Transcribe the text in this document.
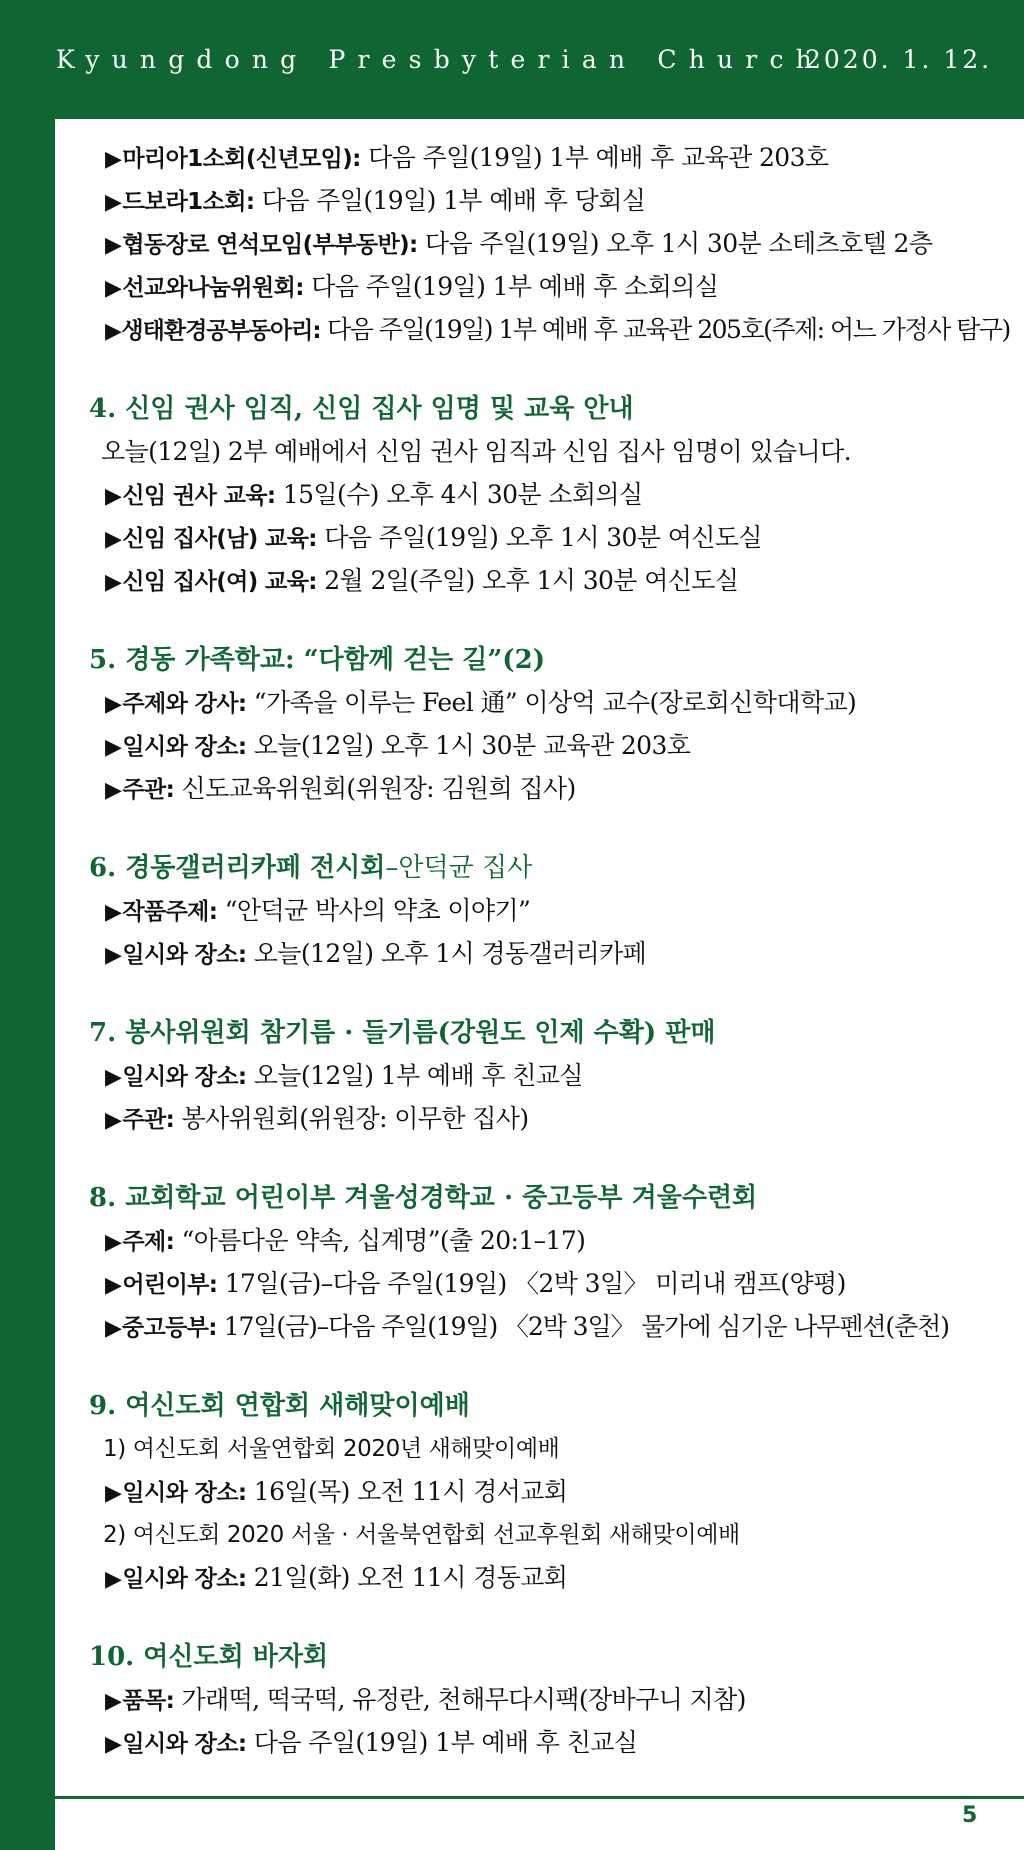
Kyungdong Presbyterian Church
2020. 1. 12.
▶마리아1소회(신년모임): 다음 주일(19일) 1부 예배 후 교육관 203호
▶드보라1소회: 다음 주일(19일) 1부 예배 후 당회실
▶협동장로 연석모임(부부동반): 다음 주일(19일) 오후 1시 30분 소테츠호텔 2층
▶선교와나눔위원회: 다음 주일(19일) 1부 예배 후 소회의실
▶생태환경공부동아리: 다음 주일(19일) 1부 예배 후 교육관 205호(주제: 어느 가정사 탐구)
4. 신임 권사 임직, 신임 집사 임명 및 교육 안내
오늘(12일) 2부 예배에서 신임 권사 임직과 신임 집사 임명이 있습니다.
▶신임 권사 교육: 15일(수) 오후 4시 30분 소회의실
▶신임 집사(남) 교육: 다음 주일(19일) 오후 1시 30분 여신도실
▶신임 집사(여) 교육: 2월 2일(주일) 오후 1시 30분 여신도실
5. 경동 가족학교: “다함께 걷는 길”(2)
▶주제와 강사: “가족을 이루는 Feel 通” 이상억 교수(장로회신학대학교)
▶일시와 장소: 오늘(12일) 오후 1시 30분 교육관 203호
▶주관: 신도교육위원회(위원장: 김원희 집사)
6. 경동갤러리카페 전시회–안덕균 집사
▶작품주제: “안덕균 박사의 약초 이야기”
▶일시와 장소: 오늘(12일) 오후 1시 경동갤러리카페
7. 봉사위원회 참기름 · 들기름(강원도 인제 수확) 판매
▶일시와 장소: 오늘(12일) 1부 예배 후 친교실
▶주관: 봉사위원회(위원장: 이무한 집사)
8. 교회학교 어린이부 겨울성경학교 · 중고등부 겨울수련회
▶주제: “아름다운 약속, 십계명”(출 20:1–17)
▶어린이부: 17일(금)–다음 주일(19일) 〈2박 3일〉 미리내 캠프(양평)
▶중고등부: 17일(금)–다음 주일(19일) 〈2박 3일〉 물가에 심기운 나무펜션(춘천)
9. 여신도회 연합회 새해맞이예배
1) 여신도회 서울연합회 2020년 새해맞이예배
▶일시와 장소: 16일(목) 오전 11시 경서교회
2) 여신도회 2020 서울 · 서울북연합회 선교후원회 새해맞이예배
▶일시와 장소: 21일(화) 오전 11시 경동교회
10. 여신도회 바자회
▶품목: 가래떡, 떡국떡, 유정란, 천해무다시팩(장바구니 지참)
▶일시와 장소: 다음 주일(19일) 1부 예배 후 친교실
5
